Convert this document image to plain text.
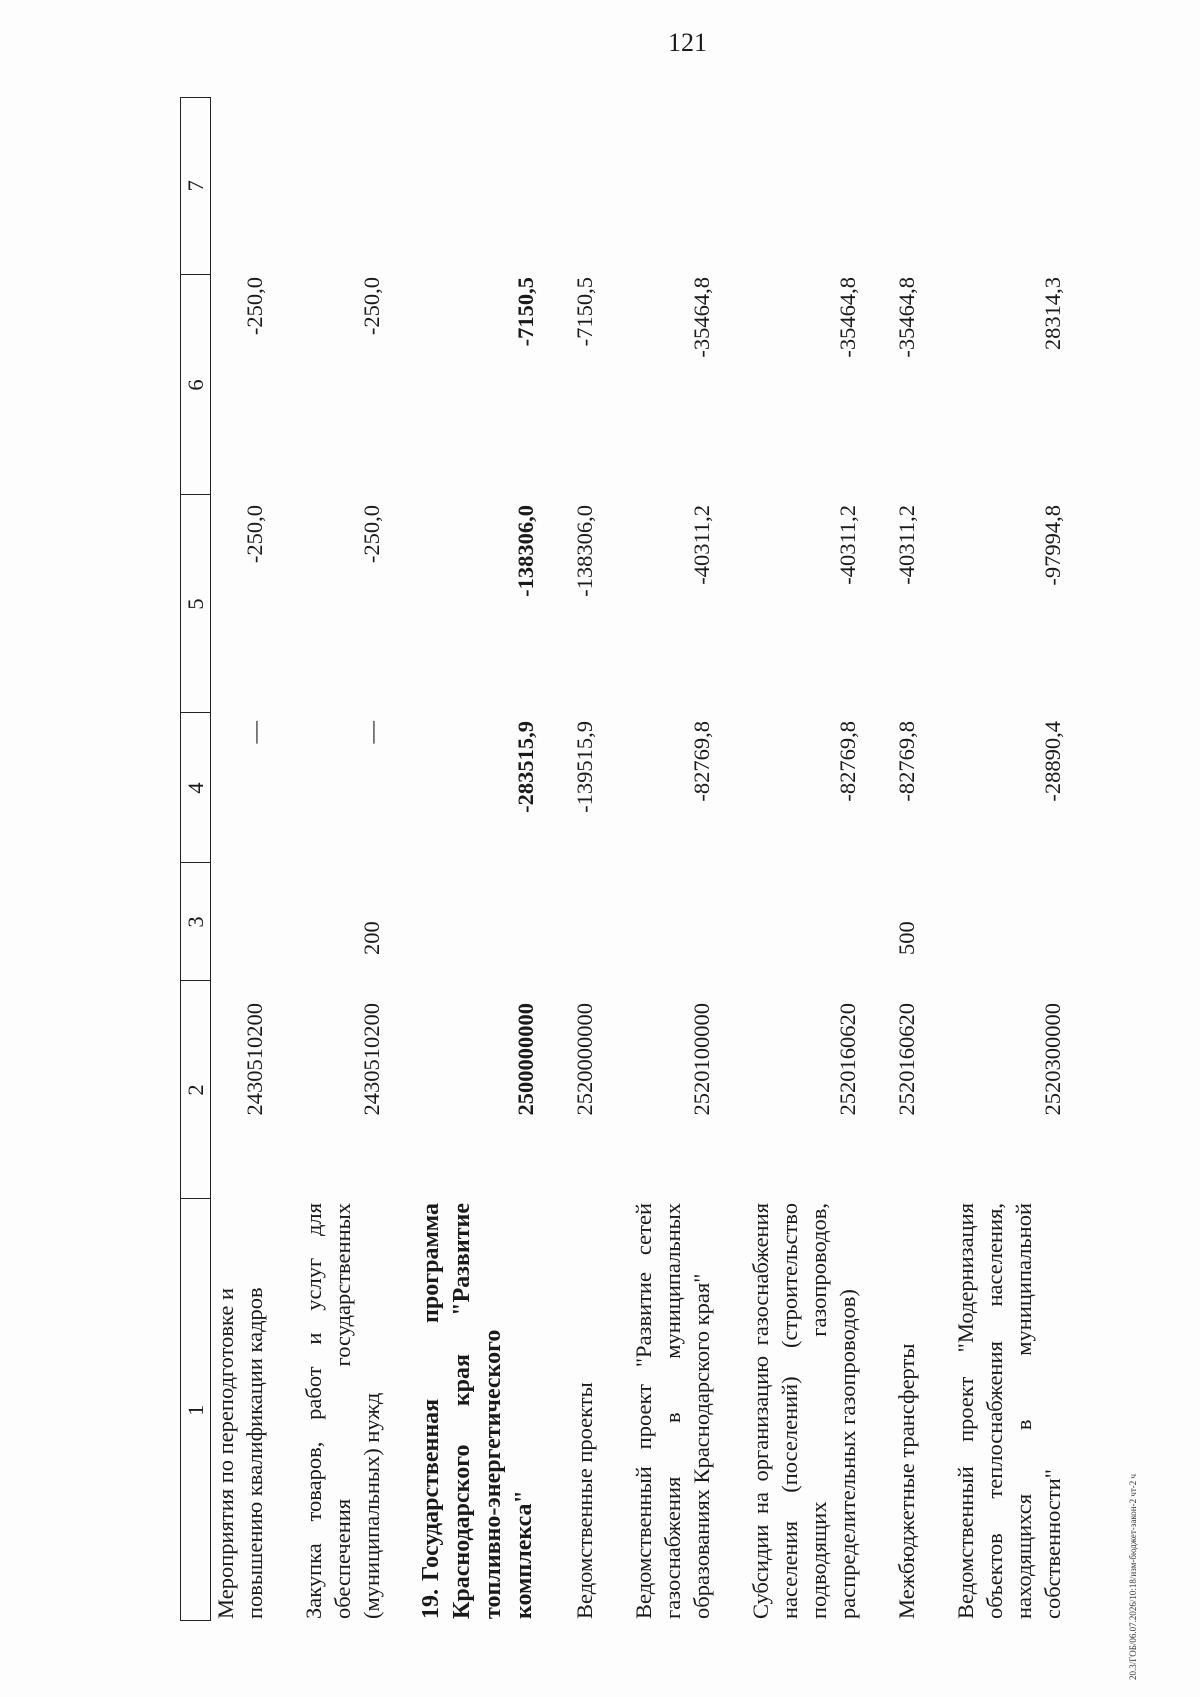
121
1	2	3	4	5	6	7
Мероприятия по переподготовке и повышению квалификации кадров	2430510200		—	-250,0	-250,0	

Закупка товаров, работ и услуг для обеспечения государственных (муниципальных) нужд	2430510200	200	—	-250,0	-250,0	

19.Государственная программа Краснодарского края "Развитие топливно-энергетического комплекса"	2500000000		-283515,9	-138306,0	-7150,5	

Ведомственные проекты	2520000000		-139515,9	-138306,0	-7150,5	

Ведомственный проект "Развитие сетей газоснабжения в муниципальных образованиях Краснодарского края"	2520100000		-82769,8	-40311,2	-35464,8	

Субсидии на организацию газоснабжения населения (поселений) (строительство подводящих газопроводов, распределительных газопроводов)	2520160620		-82769,8	-40311,2	-35464,8	

Межбюджетные трансферты	2520160620	500	-82769,8	-40311,2	-35464,8	

Ведомственный проект "Модернизация объектов теплоснабжения населения, находящихся в муниципальной собственности"	2520300000		-28890,4	-97994,8	28314,3	
20.3/ГОБ/06.07.2026/10:18/изм-бюджет-закон-2 чт-2 ч
